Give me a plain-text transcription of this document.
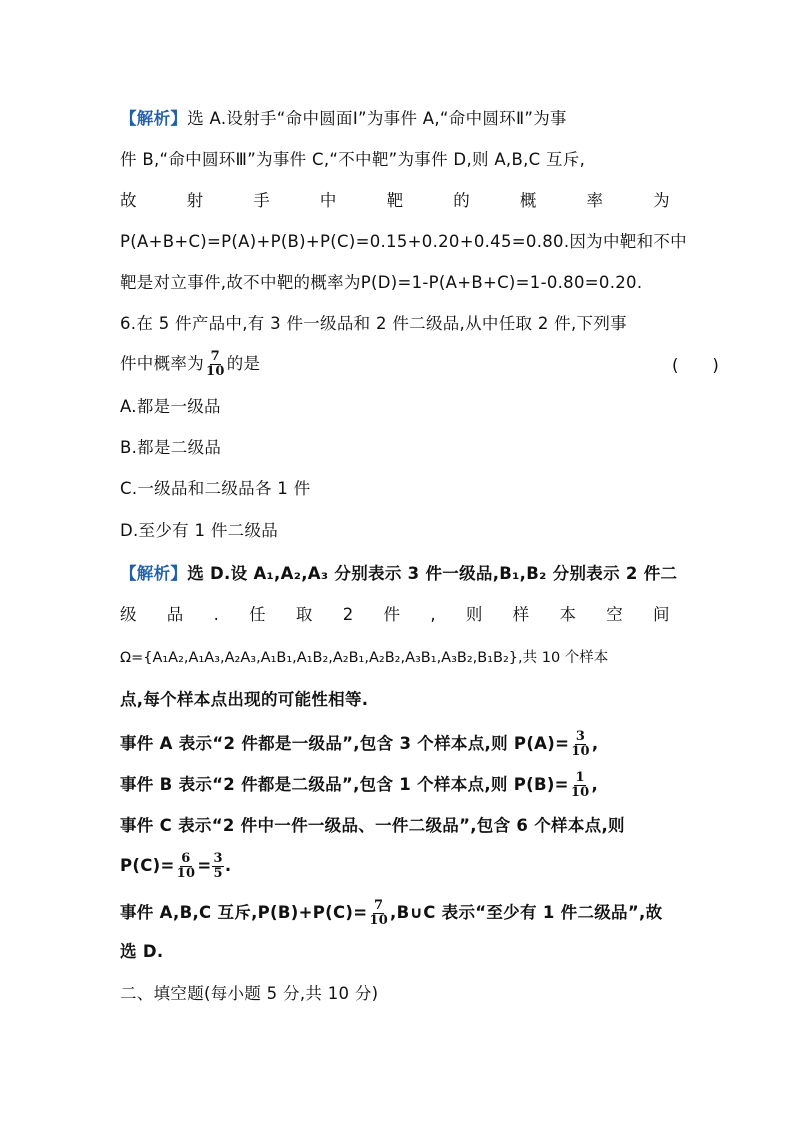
【解析】选 A.设射手“命中圆面Ⅰ”为事件 A,“命中圆环Ⅱ”为事
件 B,“命中圆环Ⅲ”为事件 C,“不中靶”为事件 D,则 A,B,C 互斥,
故	射	手	中	靶	的	概	率	为
P(A+B+C)=P(A)+P(B)+P(C)=0.15+0.20+0.45=0.80.因为中靶和不中
靶是对立事件,故不中靶的概率为P(D)=1-P(A+B+C)=1-0.80=0.20.
6.在 5 件产品中,有 3 件一级品和 2 件二级品,从中任取 2 件,下列事
件中概率为 $\frac{7}{10}$ 的是	(　　)
A.都是一级品
B.都是二级品
C.一级品和二级品各 1 件
D.至少有 1 件二级品
【解析】选 D.设 A₁,A₂,A₃ 分别表示 3 件一级品,B₁,B₂ 分别表示 2 件二
级 品 . 任 取 2 件 , 则 样 本 空 间
Ω={A₁A₂,A₁A₃,A₂A₃,A₁B₁,A₁B₂,A₂B₁,A₂B₂,A₃B₁,A₃B₂,B₁B₂},共 10 个样本
点,每个样本点出现的可能性相等.
事件 A 表示“2 件都是一级品”,包含 3 个样本点,则 $P(A)= \frac{3}{10}$ ,
事件 B 表示“2 件都是二级品”,包含 1 个样本点,则 $P(B)= \frac{1}{10}$ ,
事件 C 表示“2 件中一件一级品、一件二级品”,包含 6 个样本点,则
$P(C)= \frac{6}{10} = \frac{3}{5}$ .
事件 A,B,C 互斥$,P(B)+P(C)= \frac{7}{10}$ ,B∪C 表示“至少有 1 件二级品”,故
选 D.
二、填空题(每小题 5 分,共 10 分)
